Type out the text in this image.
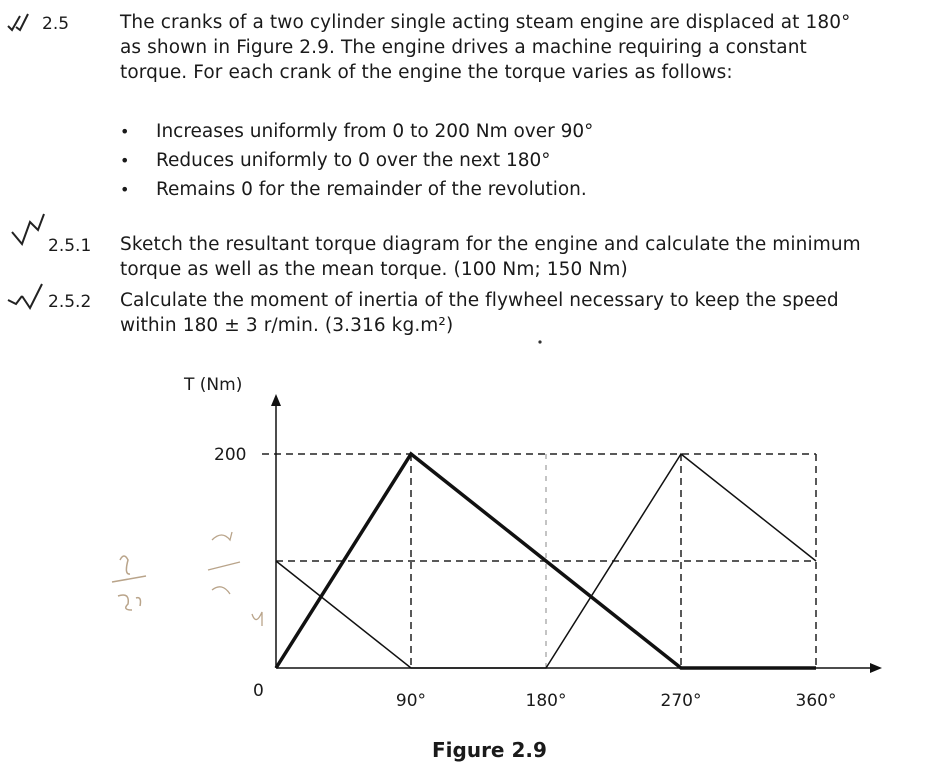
2.5	The cranks of a two cylinder single acting steam engine are displaced at 180°
as shown in Figure 2.9. The engine drives a machine requiring a constant
torque. For each crank of the engine the torque varies as follows:
• Increases uniformly from 0 to 200 Nm over 90°
• Reduces uniformly to 0 over the next 180°
• Remains 0 for the remainder of the revolution.
2.5.1 Sketch the resultant torque diagram for the engine and calculate the minimum
torque as well as the mean torque. (100 Nm; 150 Nm)
2.5.2 Calculate the moment of inertia of the flywheel necessary to keep the speed
within 180 ± 3 r/min. (3.316 kg.m²)
T (Nm)
200
0	90°	180°	270°	360°
Figure 2.9
